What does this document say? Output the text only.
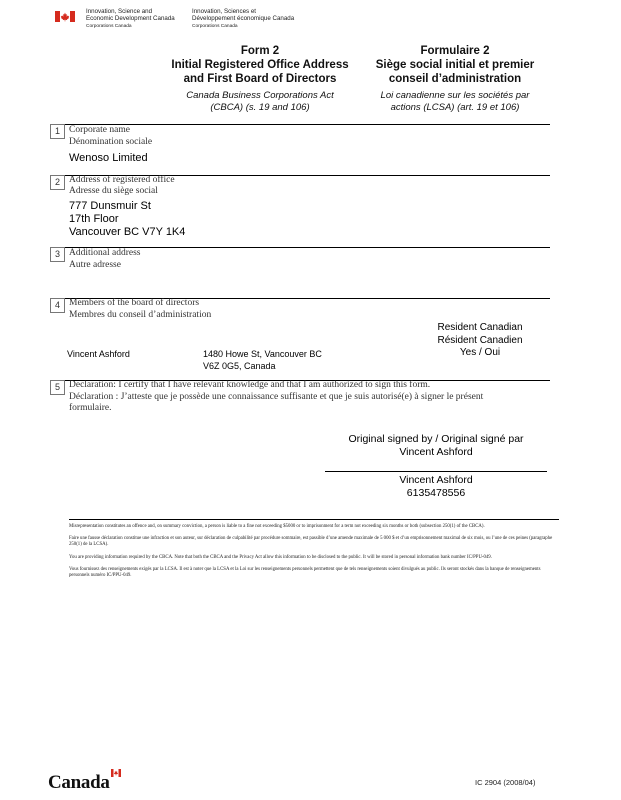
Innovation, Science and
Economic Development Canada
Corporations Canada
Innovation, Sciences et
Développement économique Canada
Corporations Canada
Form 2
Initial Registered Office Address
and First Board of Directors
Canada Business Corporations Act
(CBCA) (s. 19 and 106)
Formulaire 2
Siège social initial et premier
conseil d’administration
Loi canadienne sur les sociétés par
actions (LCSA) (art. 19 et 106)
1 Corporate name
Dénomination sociale
Wenoso Limited
2 Address of registered office
Adresse du siège social
777 Dunsmuir St
17th Floor
Vancouver BC V7Y 1K4
3 Additional address
Autre adresse
4 Members of the board of directors
Membres du conseil d’administration
Resident Canadian
Résident Canadien
Yes / Oui
Vincent Ashford	1480 Howe St, Vancouver BC
V6Z 0G5, Canada
5 Declaration: I certify that I have relevant knowledge and that I am authorized to sign this form.
Déclaration : J’atteste que je possède une connaissance suffisante et que je suis autorisé(e) à signer le présent
formulaire.
Original signed by / Original signé par
Vincent Ashford
Vincent Ashford
6135478556
Misrepresentation constitutes an offence and, on summary conviction, a person is liable to a fine not exceeding $5000 or to imprisonment for a term not exceeding six months or both (subsection 250(1) of the CBCA).
Faire une fausse déclaration constitue une infraction et son auteur, sur déclaration de culpabilité par procédure sommaire, est passible d’une amende maximale de 5 000 $ et d’un emprisonnement maximal de six mois, ou l’une de ces peines (paragraphe 250(1) de la LCSA).
You are providing information required by the CBCA. Note that both the CBCA and the Privacy Act allow this information to be disclosed to the public. It will be stored in personal information bank number IC/PPU-049.
Vous fournissez des renseignements exigés par la LCSA. Il est à noter que la LCSA et la Loi sur les renseignements personnels permettent que de tels renseignements soient divulgués au public. Ils seront stockés dans la banque de renseignements personnels numéro IC/PPU-049.
Canada	IC 2904 (2008/04)
